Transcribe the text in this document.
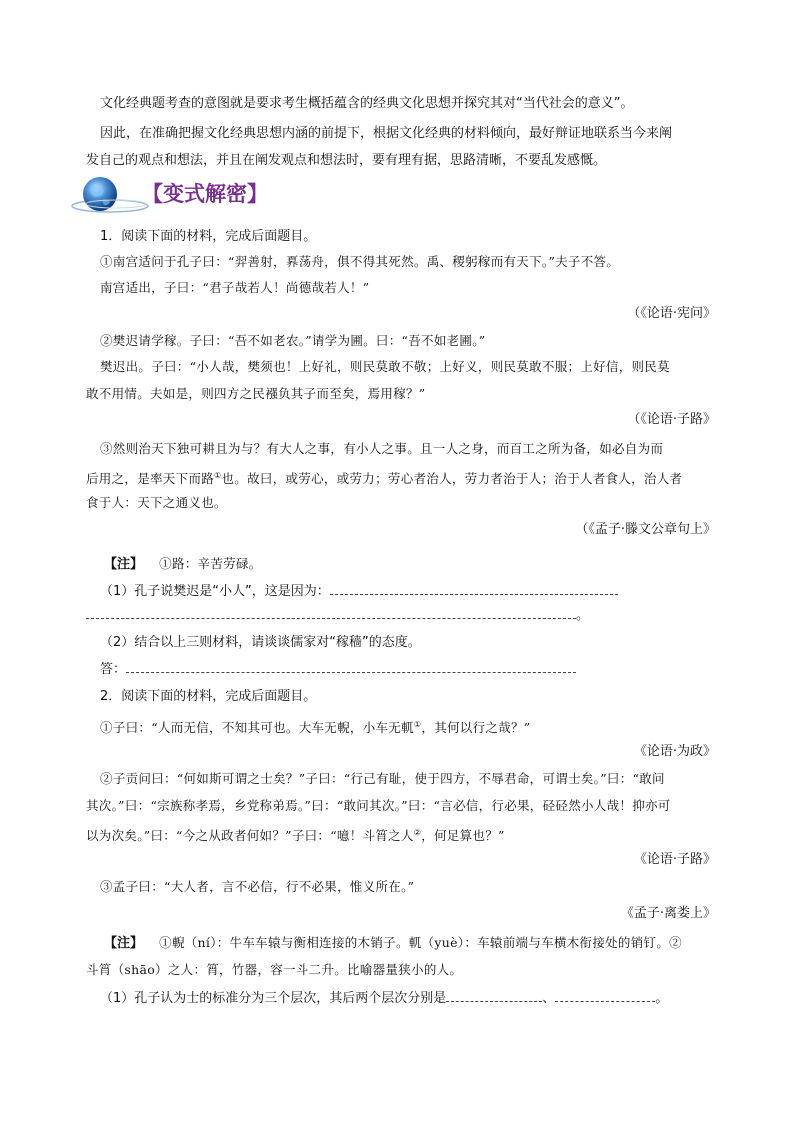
文化经典题考查的意图就是要求考生概括蕴含的经典文化思想并探究其对“当代社会的意义”。
因此，在准确把握文化经典思想内涵的前提下，根据文化经典的材料倾向，最好辩证地联系当今来阐
发自己的观点和想法，并且在阐发观点和想法时，要有理有据，思路清晰，不要乱发感慨。
【变式解密】
1．阅读下面的材料，完成后面题目。
①南宫适问于孔子曰：“羿善射，奡荡舟，俱不得其死然。禹、稷躬稼而有天下。”夫子不答。
南宫适出，子曰：“君子哉若人！尚德哉若人！”
（《论语·宪问》
②樊迟请学稼。子曰：“吾不如老农。”请学为圃。曰：“吾不如老圃。”
樊迟出。子曰：“小人哉，樊须也！上好礼，则民莫敢不敬；上好义，则民莫敢不服；上好信，则民莫
敢不用情。夫如是，则四方之民襁负其子而至矣，焉用稼？”
（《论语·子路》
③然则治天下独可耕且为与？有大人之事，有小人之事。且一人之身，而百工之所为备，如必自为而
后用之，是率天下而路①也。故曰，或劳心，或劳力；劳心者治人，劳力者治于人；治于人者食人，治人者
食于人：天下之通义也。
（《孟子·滕文公章句上》
【注】 ①路：辛苦劳碌。
（1）孔子说樊迟是“小人”，这是因为：
。
（2）结合以上三则材料，请谈谈儒家对“稼穑”的态度。
答：
2．阅读下面的材料，完成后面题目。
①子曰：“人而无信，不知其可也。大车无輗，小车无軏①，其何以行之哉？”
《论语·为政》
②子贡问曰：“何如斯可谓之士矣？”子曰：“行己有耻，使于四方，不辱君命，可谓士矣。”曰：“敢问
其次。”曰：“宗族称孝焉，乡党称弟焉。”曰：“敢问其次。”曰：“言必信，行必果，硁硁然小人哉！抑亦可
以为次矣。”曰：“今之从政者何如？”子曰：“噫！斗筲之人②，何足算也？”
《论语·子路》
③孟子曰：“大人者，言不必信，行不必果，惟义所在。”
《孟子·离娄上》
【注】 ①輗（ní）：牛车车辕与衡相连接的木销子。軏（yuè）：车辕前端与车横木衔接处的销钉。②
斗筲（shāo）之人：筲，竹器，容一斗二升。比喻器量狭小的人。
（1）孔子认为士的标准分为三个层次，其后两个层次分别是	、	。
